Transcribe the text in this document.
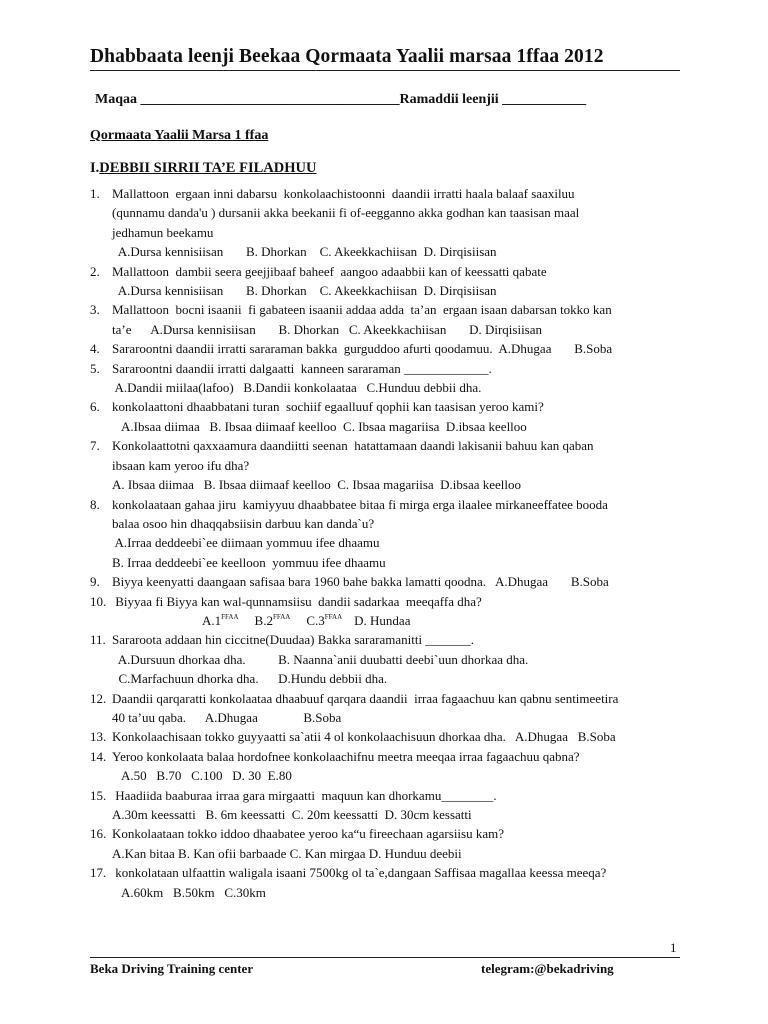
Dhabbaata leenji Beekaa Qormaata Yaalii marsaa 1ffaa 2012
Maqaa _____________________________________Ramaddii leenjii ____________
Qormaata Yaalii Marsa 1 ffaa
I.DEBBII SIRRII TA’E FILADHUU
1. Mallattoon  ergaan inni dabarsu  konkolaachistoonni  daandii irratti haala balaaf saaxiluu
(qunnamu danda'u ) dursanii akka beekanii fi of-eegganno akka godhan kan taasisan maal
jedhamun beekamu
A.Dursa kennisiisan       B. Dhorkan    C. Akeekkachiisan  D. Dirqisiisan
2. Mallattoon  dambii seera geejjibaaf baheef  aangoo adaabbii kan of keessatti qabate
A.Dursa kennisiisan       B. Dhorkan    C. Akeekkachiisan  D. Dirqisiisan
3. Mallattoon  bocni isaanii  fi gabateen isaanii addaa adda  ta’an  ergaan isaan dabarsan tokko kan
ta’e      A.Dursa kennisiisan       B. Dhorkan   C. Akeekkachiisan       D. Dirqisiisan
4. Sararoontni daandii irratti sararaman bakka  gurguddoo afurti qoodamuu.  A.Dhugaa       B.Soba
5. Sararoontni daandii irratti dalgaatti  kanneen sararaman _____________.
A.Dandii miilaa(lafoo)   B.Dandii konkolaataa   C.Hunduu debbii dha.
6. konkolaattoni dhaabbatani turan  sochiif egaalluuf qophii kan taasisan yeroo kami?
A.Ibsaa diimaa   B. Ibsaa diimaaf keelloo  C. Ibsaa magariisa  D.ibsaa keelloo
7. Konkolaattotni qaxxaamura daandiitti seenan  hatattamaan daandi lakisanii bahuu kan qaban
ibsaan kam yeroo ifu dha?
A. Ibsaa diimaa   B. Ibsaa diimaaf keelloo  C. Ibsaa magariisa  D.ibsaa keelloo
8. konkolaataan gahaa jiru  kamiyyuu dhaabbatee bitaa fi mirga erga ilaalee mirkaneeffatee booda
balaa osoo hin dhaqqabsiisin darbuu kan danda`u?
A.Irraa deddeebi`ee diimaan yommuu ifee dhaamu
B. Irraa deddeebi`ee keelloon  yommuu ifee dhaamu
9. Biyya keenyatti daangaan safisaa bara 1960 bahe bakka lamatti qoodna.   A.Dhugaa       B.Soba
10. Biyyaa fi Biyya kan wal-qunnamsiisu  dandii sadarkaa  meeqaffa dha?
$A.1^{FFAA}$ $B.2^{FFAA}$ $C.3^{FFAA}$ D. Hundaa
11. Sararoota addaan hin ciccitne(Duudaa) Bakka sararamanitti _______.
A.Dursuun dhorkaa dha.          B. Naanna`anii duubatti deebi`uun dhorkaa dha.
C.Marfachuun dhorka dha.      D.Hundu debbii dha.
12. Daandii qarqaratti konkolaataa dhaabuuf qarqara daandii  irraa fagaachuu kan qabnu sentimeetira
40 ta’uu qaba.      A.Dhugaa              B.Soba
13. Konkolaachisaan tokko guyyaatti sa`atii 4 ol konkolaachisuun dhorkaa dha.   A.Dhugaa   B.Soba
14. Yeroo konkolaata balaa hordofnee konkolaachifnu meetra meeqaa irraa fagaachuu qabna?
A.50   B.70   C.100   D. 30  E.80
15. Haadiida baaburaa irraa gara mirgaatti  maquun kan dhorkamu________.
A.30m keessatti   B. 6m keessatti  C. 20m keessatti  D. 30cm kessatti
16. Konkolaataan tokko iddoo dhaabatee yeroo ka“u fireechaan agarsiisu kam?
A.Kan bitaa B. Kan ofii barbaade C. Kan mirgaa D. Hunduu deebii
17. konkolataan ulfaattin waligala isaani 7500kg ol ta`e,dangaan Saffisaa magallaa keessa meeqa?
A.60km   B.50km   C.30km
1
Beka Driving Training center	telegram:@bekadriving
